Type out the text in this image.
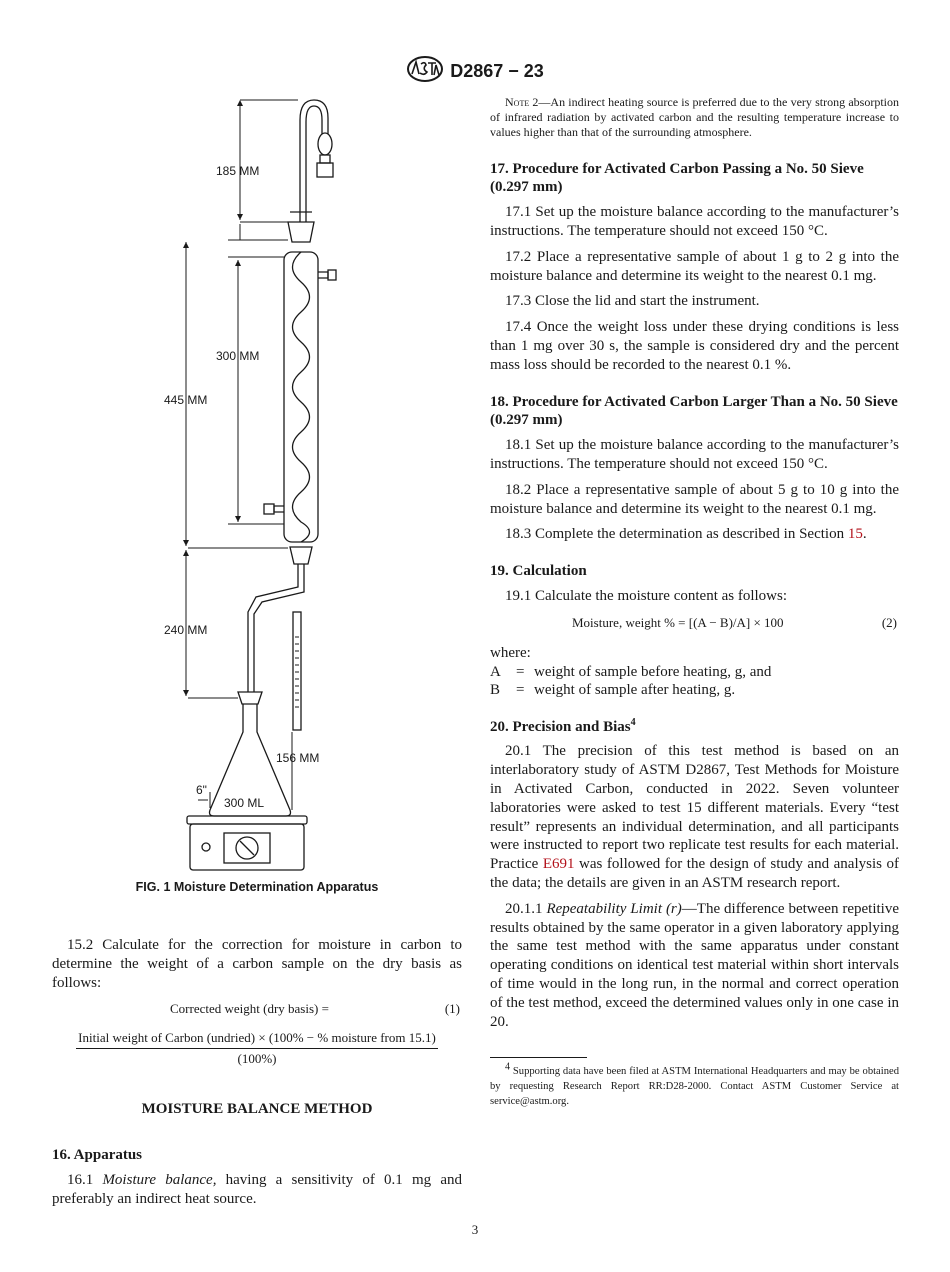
D2867 − 23
185 MM
300 MM
445 MM
240 MM
156 MM
6"
300 ML
FIG. 1 Moisture Determination Apparatus

15.2 Calculate for the correction for moisture in carbon to determine the weight of a carbon sample on the dry basis as follows:

Corrected weight (dry basis) =	(1)
Initial weight of Carbon (undried) × (100% − % moisture from 15.1)
(100%)
MOISTURE BALANCE METHOD
16. Apparatus

16.1 Moisture balance, having a sensitivity of 0.1 mg and preferably an indirect heat source.

Note 2—An indirect heating source is preferred due to the very strong absorption of infrared radiation by activated carbon and the resulting temperature increase to values higher than that of the surrounding atmosphere.

17. Procedure for Activated Carbon Passing a No. 50 Sieve (0.297 mm)

17.1 Set up the moisture balance according to the manufacturer’s instructions. The temperature should not exceed 150 °C.

17.2 Place a representative sample of about 1 g to 2 g into the moisture balance and determine its weight to the nearest 0.1 mg.

17.3 Close the lid and start the instrument.

17.4 Once the weight loss under these drying conditions is less than 1 mg over 30 s, the sample is considered dry and the percent mass loss should be recorded to the nearest 0.1 %.

18. Procedure for Activated Carbon Larger Than a No. 50 Sieve (0.297 mm)

18.1 Set up the moisture balance according to the manufacturer’s instructions. The temperature should not exceed 150 °C.

18.2 Place a representative sample of about 5 g to 10 g into the moisture balance and determine its weight to the nearest 0.1 mg.

18.3 Complete the determination as described in Section 15.

19. Calculation

19.1 Calculate the moisture content as follows:

Moisture, weight % = [(A − B)/A] × 100	(2)

where:

A	= weight of sample before heating, g, and
B	= weight of sample after heating, g.
20. Precision and Bias$^4$

20.1 The precision of this test method is based on an interlaboratory study of ASTM D2867, Test Methods for Moisture in Activated Carbon, conducted in 2022. Seven volunteer laboratories were asked to test 15 different materials. Every “test result” represents an individual determination, and all participants were instructed to report two replicate test results for each material. Practice E691 was followed for the design of study and analysis of the data; the details are given in an ASTM research report.

20.1.1 Repeatability Limit (r)—The difference between repetitive results obtained by the same operator in a given laboratory applying the same test method with the same apparatus under constant operating conditions on identical test material within short intervals of time would in the long run, in the normal and correct operation of the test method, exceed the determined values only in one case in 20.

$^4$ Supporting data have been filed at ASTM International Headquarters and may be obtained by requesting Research Report RR:D28-2000. Contact ASTM Customer Service at service@astm.org.

3
